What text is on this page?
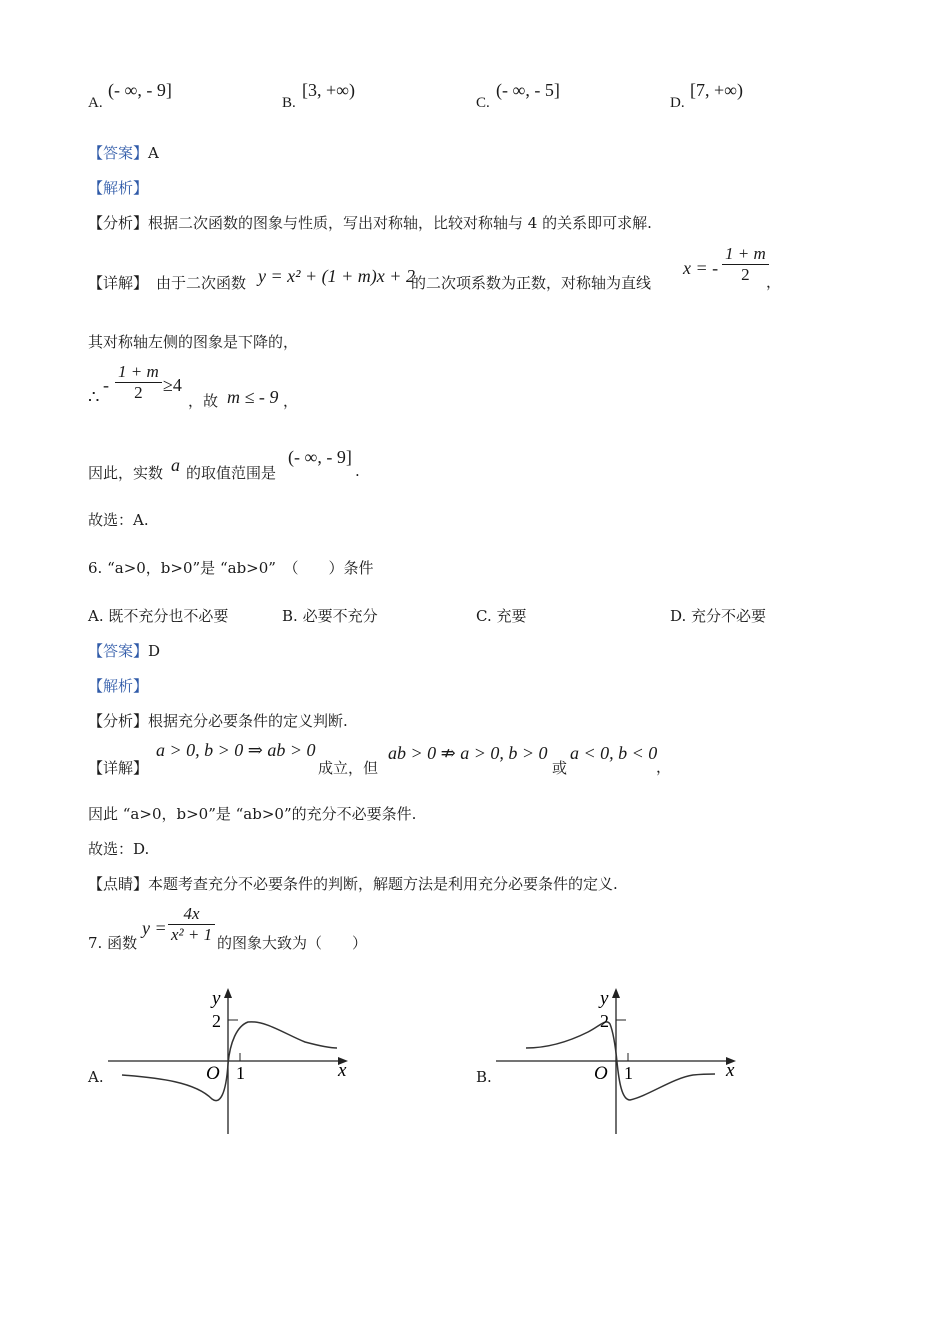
A.
(- ∞, - 9]
B.
[3, +∞)
C.
(- ∞, - 5]
D.
[7, +∞)
【答案】A
【解析】
【分析】根据二次函数的图象与性质，写出对称轴，比较对称轴与 4 的关系即可求解.
【详解】 由于二次函数 y = x² + (1 + m)x + 2
的二次项系数为正数，对称轴为直线
x = - $\frac{1 + m}{2}$
，
其对称轴左侧的图象是下降的，
∴
- $\frac{1 + m}{2} \ge 4$
，故 m ≤ - 9 ，
因此，实数 a 的取值范围是
(- ∞, - 9]
.
故选：A.
6. “a>0，b>0”是 “ab>0”　（　　）条件
A. 既不充分也不必要	B. 必要不充分	C. 充要	D. 充分不必要
【答案】D
【解析】
【分析】根据充分必要条件的定义判断.
【详解】
a > 0, b > 0 ⇒ ab > 0
成立，但
ab > 0 ⇏ a > 0, b > 0
或
a < 0, b < 0
，
因此 “a>0，b>0”是 “ab>0”的充分不必要条件.
故选：D.
【点睛】本题考查充分不必要条件的判断，解题方法是利用充分必要条件的定义.
7. 函数
$y = \frac{4x}{\text{x² + 1}}$ 的图象大致为（　　）
A.
y
x
O 1
2
B.
y
x
O 1
2
